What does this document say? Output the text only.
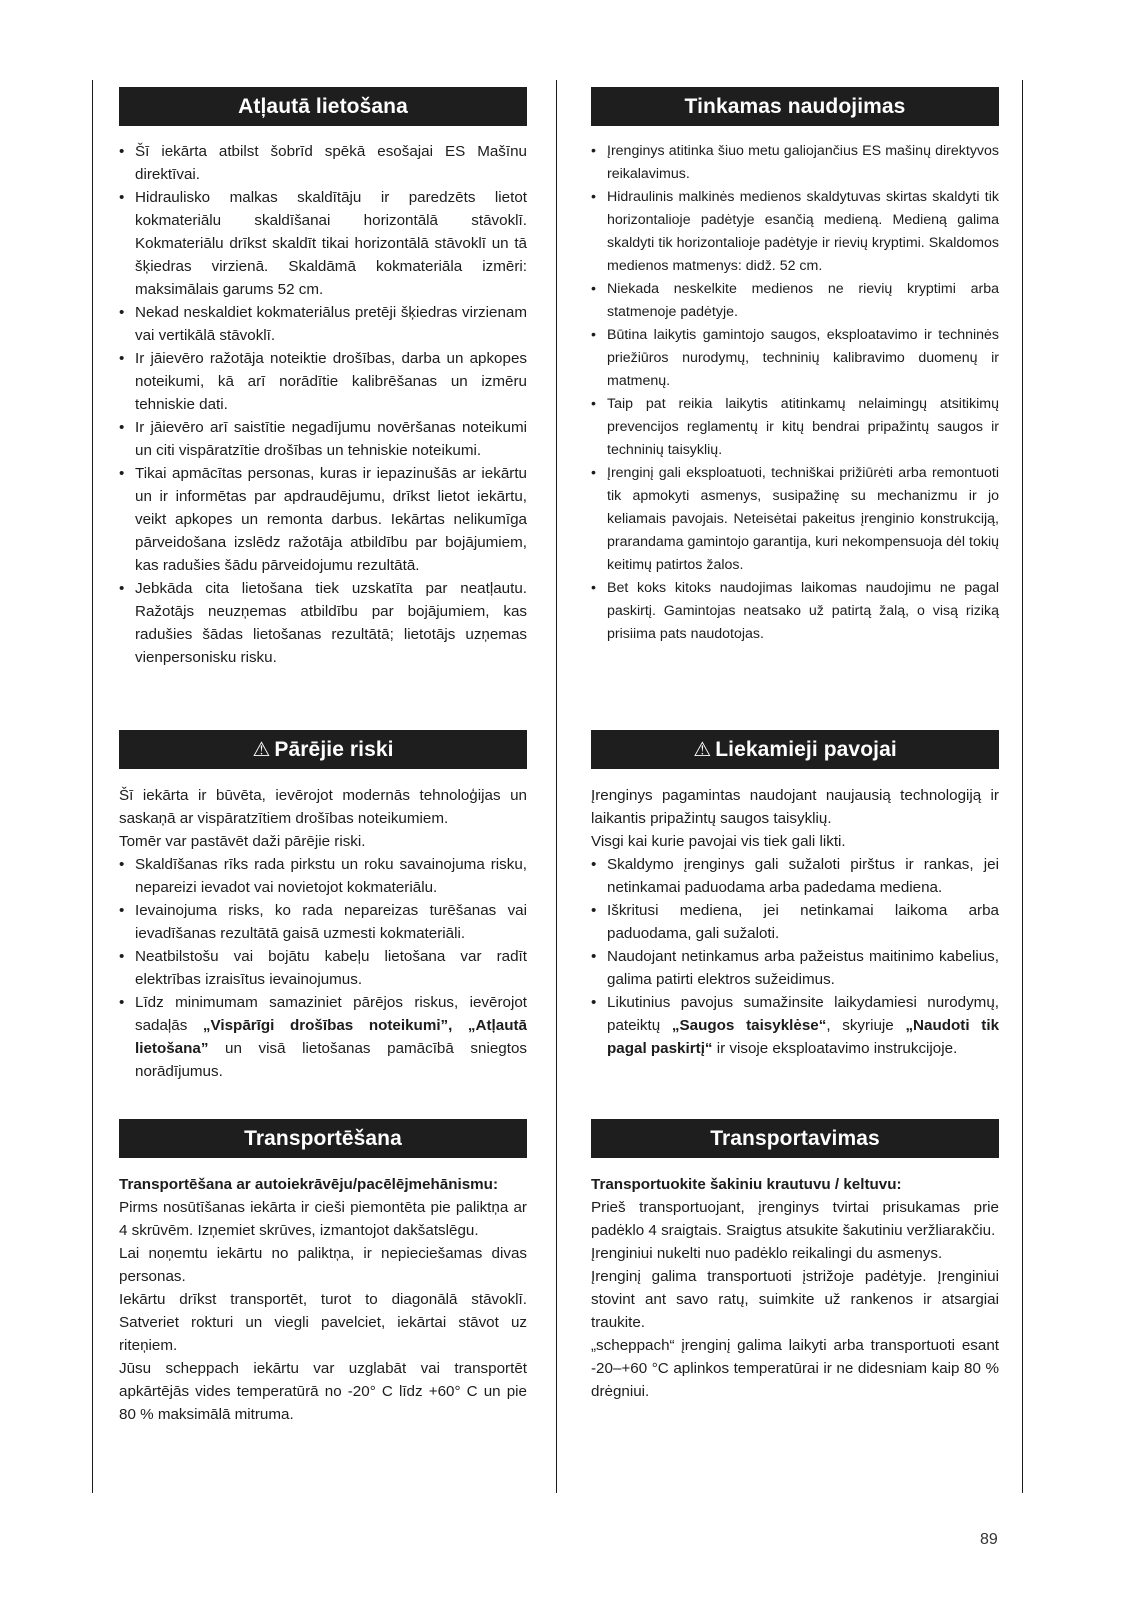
Atļautā lietošana
• Šī iekārta atbilst šobrīd spēkā esošajai ES Mašīnu direktīvai.
• Hidraulisko malkas skaldītāju ir paredzēts lietot kokmateriālu skaldīšanai horizontālā stāvoklī. Kokmateriālu drīkst skaldīt tikai horizontālā stāvoklī un tā šķiedras virzienā. Skaldāmā kokmateriāla izmēri: maksimālais garums 52 cm.
• Nekad neskaldiet kokmateriālus pretēji šķiedras virzienam vai vertikālā stāvoklī.
• Ir jāievēro ražotāja noteiktie drošības, darba un apkopes noteikumi, kā arī norādītie kalibrēšanas un izmēru tehniskie dati.
• Ir jāievēro arī saistītie negadījumu novēršanas noteikumi un citi vispāratzītie drošības un tehniskie noteikumi.
• Tikai apmācītas personas, kuras ir iepazinušās ar iekārtu un ir informētas par apdraudējumu, drīkst lietot iekārtu, veikt apkopes un remonta darbus. Iekārtas nelikumīga pārveidošana izslēdz ražotāja atbildību par bojājumiem, kas radušies šādu pārveidojumu rezultātā.
• Jebkāda cita lietošana tiek uzskatīta par neatļautu. Ražotājs neuzņemas atbildību par bojājumiem, kas radušies šādas lietošanas rezultātā; lietotājs uzņemas vienpersonisku risku.
⚠ Pārējie riski

Šī iekārta ir būvēta, ievērojot modernās tehnoloģijas un saskaņā ar vispāratzītiem drošības noteikumiem.

Tomēr var pastāvēt daži pārējie riski.

• Skaldīšanas rīks rada pirkstu un roku savainojuma risku, nepareizi ievadot vai novietojot kokmateriālu.
• Ievainojuma risks, ko rada nepareizas turēšanas vai ievadīšanas rezultātā gaisā uzmesti kokmateriāli.
• Neatbilstošu vai bojātu kabeļu lietošana var radīt elektrības izraisītus ievainojumus.
• Līdz minimumam samaziniet pārējos riskus, ievērojot sadaļās „Vispārīgi drošības noteikumi”, „Atļautā lietošana” un visā lietošanas pamācībā sniegtos norādījumus.
Transportēšana

Transportēšana ar autoiekrāvēju/pacēlējmehānismu:

Pirms nosūtīšanas iekārta ir cieši piemontēta pie paliktņa ar 4 skrūvēm. Izņemiet skrūves, izmantojot dakšatslēgu.

Lai noņemtu iekārtu no paliktņa, ir nepieciešamas divas personas.

Iekārtu drīkst transportēt, turot to diagonālā stāvoklī. Satveriet rokturi un viegli pavelciet, iekārtai stāvot uz riteņiem.

Jūsu scheppach iekārtu var uzglabāt vai transportēt apkārtējās vides temperatūrā no -20° C līdz +60° C un pie 80 % maksimālā mitruma.

Tinkamas naudojimas
• Įrenginys atitinka šiuo metu galiojančius ES mašinų direktyvos reikalavimus.
• Hidraulinis malkinės medienos skaldytuvas skirtas skaldyti tik horizontalioje padėtyje esančią medieną. Medieną galima skaldyti tik horizontalioje padėtyje ir rievių kryptimi. Skaldomos medienos matmenys: didž. 52 cm.
• Niekada neskelkite medienos ne rievių kryptimi arba statmenoje padėtyje.
• Būtina laikytis gamintojo saugos, eksploatavimo ir techninės priežiūros nurodymų, techninių kalibravimo duomenų ir matmenų.
• Taip pat reikia laikytis atitinkamų nelaimingų atsitikimų prevencijos reglamentų ir kitų bendrai pripažintų saugos ir techninių taisyklių.
• Įrenginį gali eksploatuoti, techniškai prižiūrėti arba remontuoti tik apmokyti asmenys, susipažinę su mechanizmu ir jo keliamais pavojais. Neteisėtai pakeitus įrenginio konstrukciją, prarandama gamintojo garantija, kuri nekompensuoja dėl tokių keitimų patirtos žalos.
• Bet koks kitoks naudojimas laikomas naudojimu ne pagal paskirtį. Gamintojas neatsako už patirtą žalą, o visą riziką prisiima pats naudotojas.
⚠ Liekamieji pavojai

Įrenginys pagamintas naudojant naujausią technologiją ir laikantis pripažintų saugos taisyklių.

Visgi kai kurie pavojai vis tiek gali likti.

• Skaldymo įrenginys gali sužaloti pirštus ir rankas, jei netinkamai paduodama arba padedama mediena.
• Iškritusi mediena, jei netinkamai laikoma arba paduodama, gali sužaloti.
• Naudojant netinkamus arba pažeistus maitinimo kabelius, galima patirti elektros sužeidimus.
• Likutinius pavojus sumažinsite laikydamiesi nurodymų, pateiktų „Saugos taisyklėse“, skyriuje „Naudoti tik pagal paskirtį“ ir visoje eksploatavimo instrukcijoje.
Transportavimas

Transportuokite šakiniu krautuvu / keltuvu:

Prieš transportuojant, įrenginys tvirtai prisukamas prie padėklo 4 sraigtais. Sraigtus atsukite šakutiniu veržliarakčiu.

Įrenginiui nukelti nuo padėklo reikalingi du asmenys.

Įrenginį galima transportuoti įstrižoje padėtyje. Įrenginiui stovint ant savo ratų, suimkite už rankenos ir atsargiai traukite.

„scheppach“ įrenginį galima laikyti arba transportuoti esant -20–+60 °C aplinkos temperatūrai ir ne didesniam kaip 80 % drėgniui.

89
